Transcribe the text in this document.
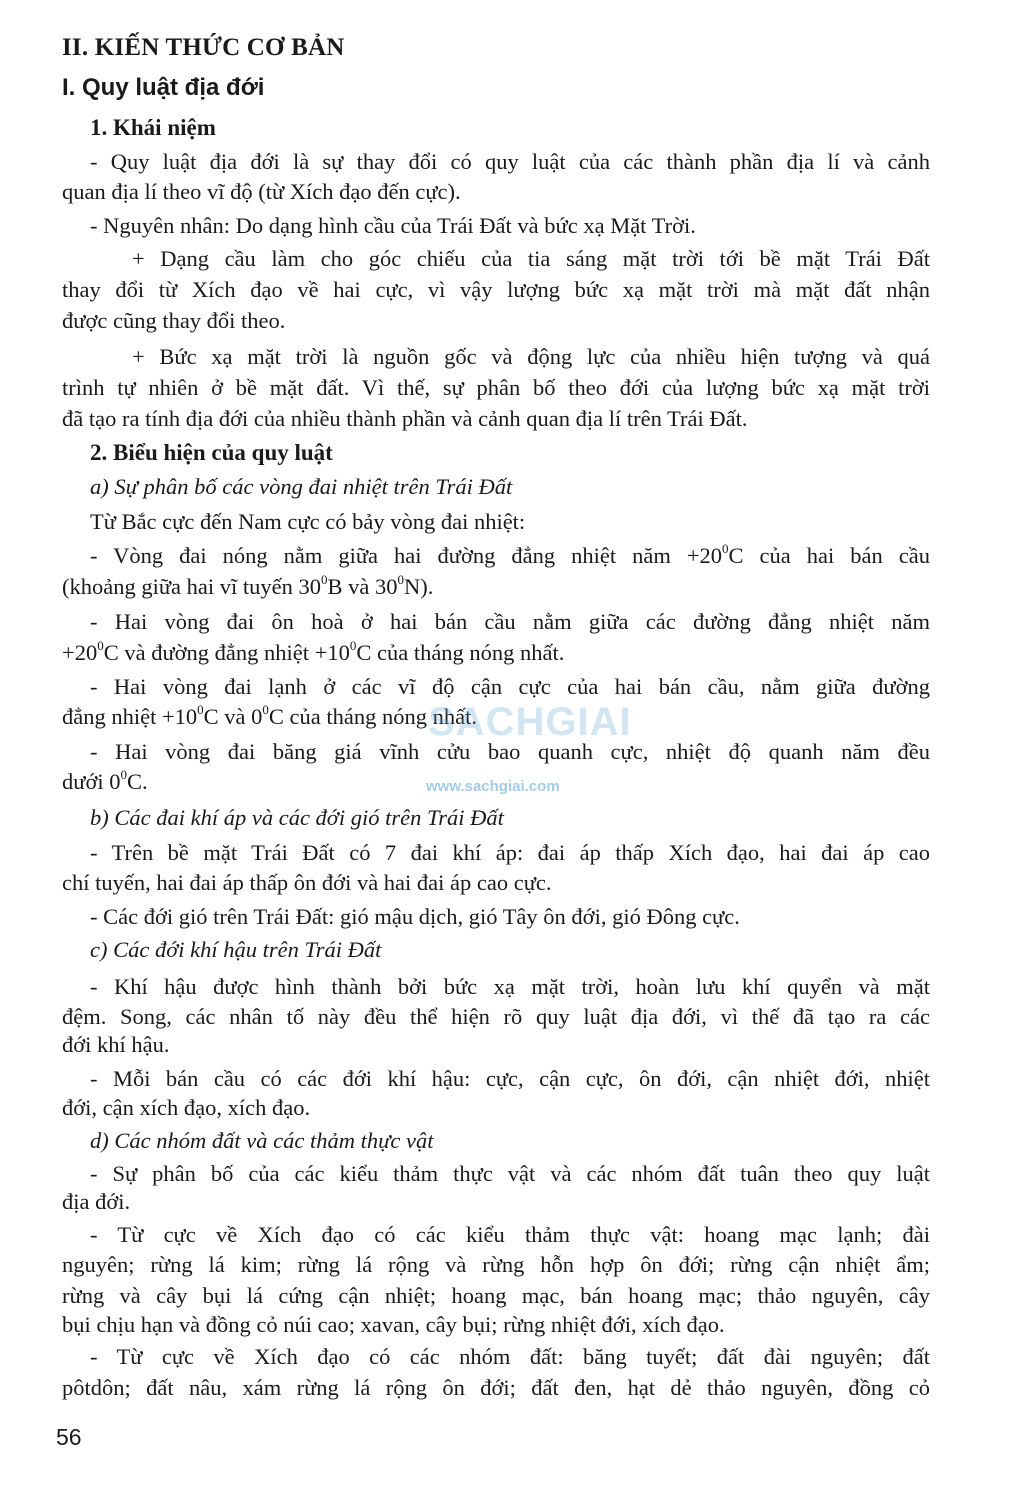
II. KIẾN THỨC CƠ BẢN
I. Quy luật địa đới
1. Khái niệm
- Quy luật địa đới là sự thay đổi có quy luật của các thành phần địa lí và cảnh
quan địa lí theo vĩ độ (từ Xích đạo đến cực).
- Nguyên nhân: Do dạng hình cầu của Trái Đất và bức xạ Mặt Trời.
+ Dạng cầu làm cho góc chiếu của tia sáng mặt trời tới bề mặt Trái Đất
thay đổi từ Xích đạo về hai cực, vì vậy lượng bức xạ mặt trời mà mặt đất nhận
được cũng thay đổi theo.
+ Bức xạ mặt trời là nguồn gốc và động lực của nhiều hiện tượng và quá
trình tự nhiên ở bề mặt đất. Vì thế, sự phân bố theo đới của lượng bức xạ mặt trời
đã tạo ra tính địa đới của nhiều thành phần và cảnh quan địa lí trên Trái Đất.
2. Biểu hiện của quy luật
a) Sự phân bố các vòng đai nhiệt trên Trái Đất
Từ Bắc cực đến Nam cực có bảy vòng đai nhiệt:
- Vòng đai nóng nằm giữa hai đường đẳng nhiệt năm $+20^0C$ của hai bán cầu
(khoảng giữa hai vĩ tuyến $30^0B$ và $30^0N$).
- Hai vòng đai ôn hoà ở hai bán cầu nằm giữa các đường đẳng nhiệt năm
$+20^0C$ và đường đẳng nhiệt $+10^0C$ của tháng nóng nhất.
- Hai vòng đai lạnh ở các vĩ độ cận cực của hai bán cầu, nằm giữa đường
đẳng nhiệt $+10^0C$ và $0^0C$ của tháng nóng nhất.
- Hai vòng đai băng giá vĩnh cửu bao quanh cực, nhiệt độ quanh năm đều
dưới $0^0C$.
b) Các đai khí áp và các đới gió trên Trái Đất
- Trên bề mặt Trái Đất có 7 đai khí áp: đai áp thấp Xích đạo, hai đai áp cao
chí tuyến, hai đai áp thấp ôn đới và hai đai áp cao cực.
- Các đới gió trên Trái Đất: gió mậu dịch, gió Tây ôn đới, gió Đông cực.
c) Các đới khí hậu trên Trái Đất
- Khí hậu được hình thành bởi bức xạ mặt trời, hoàn lưu khí quyển và mặt
đệm. Song, các nhân tố này đều thể hiện rõ quy luật địa đới, vì thế đã tạo ra các
đới khí hậu.
- Mỗi bán cầu có các đới khí hậu: cực, cận cực, ôn đới, cận nhiệt đới, nhiệt
đới, cận xích đạo, xích đạo.
d) Các nhóm đất và các thảm thực vật
- Sự phân bố của các kiểu thảm thực vật và các nhóm đất tuân theo quy luật
địa đới.
- Từ cực về Xích đạo có các kiểu thảm thực vật: hoang mạc lạnh; đài
nguyên; rừng lá kim; rừng lá rộng và rừng hỗn hợp ôn đới; rừng cận nhiệt ẩm;
rừng và cây bụi lá cứng cận nhiệt; hoang mạc, bán hoang mạc; thảo nguyên, cây
bụi chịu hạn và đồng cỏ núi cao; xavan, cây bụi; rừng nhiệt đới, xích đạo.
- Từ cực về Xích đạo có các nhóm đất: băng tuyết; đất đài nguyên; đất
pôtdôn; đất nâu, xám rừng lá rộng ôn đới; đất đen, hạt dẻ thảo nguyên, đồng cỏ
SACHGIAI
www.sachgiai.com
56
